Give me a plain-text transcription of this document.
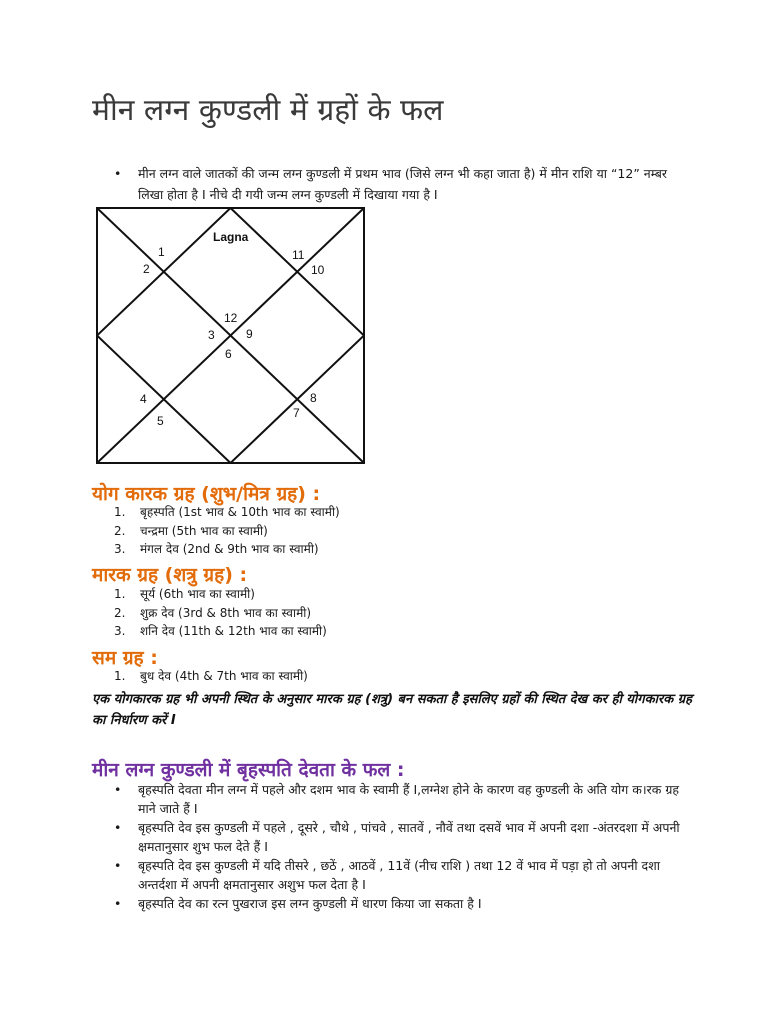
मीन लग्न कुण्डली में ग्रहों के फल
• मीन लग्न वाले जातकों की जन्म लग्न कुण्डली में प्रथम भाव (जिसे लग्न भी कहा जाता है) में मीन राशि या “12” नम्बर लिखा होता है I नीचे दी गयी जन्म लग्न कुण्डली में दिखाया गया है I
Lagna
1
2
3
4
5
6
7
8
9
10
11
12
योग कारक ग्रह (शुभ/मित्र ग्रह) :
1. बृहस्पति (1st भाव & 10th भाव का स्वामी)
2. चन्द्रमा (5th भाव का स्वामी)
3. मंगल देव (2nd & 9th भाव का स्वामी)
मारक ग्रह (शत्रु ग्रह) :
1. सूर्य (6th भाव का स्वामी)
2. शुक्र देव (3rd & 8th भाव का स्वामी)
3. शनि देव (11th & 12th भाव का स्वामी)
सम ग्रह :
1. बुध देव (4th & 7th भाव का स्वामी)

एक योगकारक ग्रह भी अपनी स्थित के अनुसार मारक ग्रह (शत्रु) बन सकता है इसलिए ग्रहों की स्थित देख कर ही योगकारक ग्रह का निर्धारण करें I

मीन लग्न कुण्डली में बृहस्पति देवता के फल :
• बृहस्पति देवता मीन लग्न में पहले और दशम भाव के स्वामी हैं I,लग्नेश होने के कारण वह कुण्डली के अति योग क।रक ग्रह माने जाते हैं I
• बृहस्पति देव इस कुण्डली में पहले , दूसरे , चौथे , पांचवे , सातवें , नौवें तथा दसवें भाव में अपनी दशा -अंतरदशा में अपनी क्षमतानुसार शुभ फल देते हैं I
• बृहस्पति देव इस कुण्डली में यदि तीसरे , छठें , आठवें , 11वें (नीच राशि ) तथा 12 वें भाव में पड़ा हो तो अपनी दशा अन्तर्दशा में अपनी क्षमतानुसार अशुभ फल देता है I
• बृहस्पति देव का रत्न पुखराज इस लग्न कुण्डली में धारण किया जा सकता है I
